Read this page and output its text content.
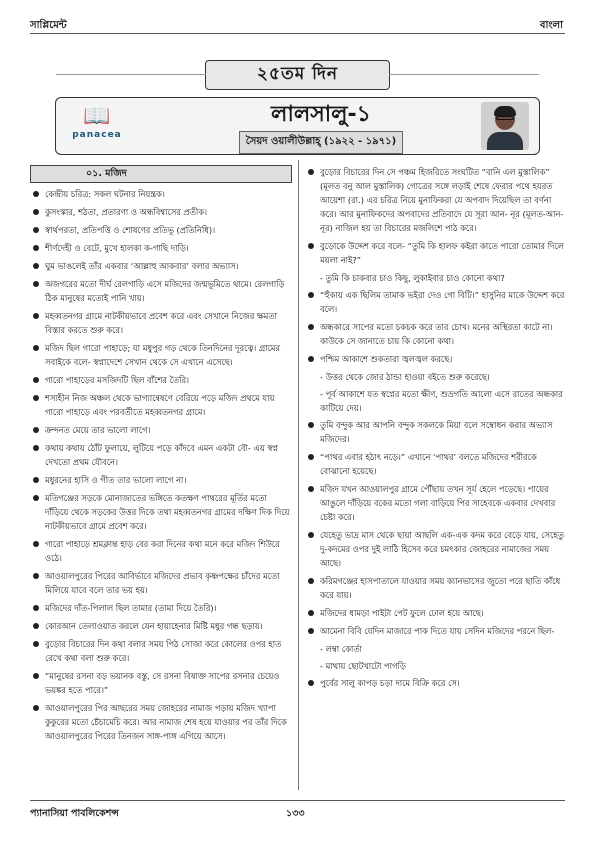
সাপ্লিমেন্ট	বাংলা
২৫তম দিন
📖
panacea
লালসালু-১
সৈয়দ ওয়ালীউল্লাহ্ (১৯২২ - ১৯৭১)
০১. মজিদ
কেন্দ্রীয় চরিত্র: সকল ঘটনার নিয়ন্ত্রক।
কুসংস্কার, শঠতা, প্রতারণা ও অন্ধবিশ্বাসের প্রতীক।
স্বার্থপরতা, প্রতিপত্তি ও শোষণের প্রতিভূ (প্রতিনিধি)।
শীর্ণদেহী ও বেটে, মুখে হালকা ক-গাছি দাড়ি।
ঘুম ভাঙলেই তাঁর একবার ‘আল্লাহু আকবার’ বলার অভ্যাস।
অজগরের মতো দীর্ঘ রেলগাড়ি এসে মজিদের জন্মভূমিতে থামে। রেলগাড়ি ঠিক মানুষের মতোই পানি খায়।
মহব্বতনগর গ্রামে নাটকীয়ভাবে প্রবেশ করে এবং সেখানে নিজের ক্ষমতা বিস্তার করতে শুরু করে।
মজিদ ছিল গারো পাহাড়ে; যা মধুপুর গড় থেকে তিনদিনের দূরত্বে। গ্রামের সবাইকে বলে- স্বপ্নাদেশে সেখান থেকে সে এখানে এসেছে।
গারো পাহাড়ের মসজিদটি ছিল বাঁশের তৈরি।
শস্যহীন নিজ অঞ্চল থেকে ভাগ্যান্বেষণে বেরিয়ে পড়ে মজিদ প্রথমে যায় গারো পাহাড়ে এবং পরবর্তীতে মহব্বতনগর গ্রামে।
ক্রন্দনত মেয়ে তার ভালো লাগে।
কথায় কথায় ঠোঁট ফুলায়ে, লুটিয়ে পড়ে কাঁদবে এমন একটা বৌ- এয় স্বপ্ন দেখতো প্রথম যৌবনে।
মধুরনের হাসি ও গীত তার ভালো লাগে না।
মতিগঞ্জের সড়কে মোনাজাতের ভঙ্গিতে কতক্ষণ পাথরের মূর্তির মতো দাঁড়িয়ে থেকে সড়কের উত্তর দিকে তথা মহব্বতনগর গ্রামের দক্ষিণ দিক দিয়ে নাটকীয়ভাবে গ্রামে প্রবেশ করে।
গারো পাহাড়ে শ্রমক্লান্ত হাড় বের করা দিনের কথা মনে করে মজিদ শিউরে ওঠে।
আওয়ালপুরের পিরের আবির্ভাবে মজিদের প্রভাব কৃষ্ণপক্ষের চাঁদের মতো মিলিয়ে যাবে বলে তার ভয় হয়।
মজিদের দাঁত-পিলাল ছিল তামার (তামা দিয়ে তৈরি)।
কোরআন তেলাওয়াত করলে যেন হায়াহেনার মিষ্টি মধুর গন্ধ ছড়ায়।
বুড়োর বিচারের দিন কথা বলার সময় পিঠ সোজা করে কোলের ওপর হাত রেখে কথা বলা শুরু করে।
“মানুষের রসনা বড় ভয়ানক বস্তু, সে রসনা বিষাক্ত সাপের রসনার চেয়েও ভয়ঙ্কর হতে পারে।”
আওয়ালপুরের পির আছরের সময় জোহরের নামাজ পড়ায় মজিদ খ্যাপা কুকুরের মতো চেঁচামেচি করে। আর নামাজ শেষ হয়ে যাওয়ার পর তাঁর দিকে আওয়ালপুরের পিরের তিনজন সাঙ্গ-পাঙ্গ এগিয়ে আসে।
বুড়োর বিচারের দিন সে পঞ্চম হিজরিতে সংঘটিত “বানি এল মুস্তালিক” (মূলত বনু আল মুস্তালিক) গোত্রের সঙ্গে লড়াই শেষে ফেরার পথে হযরত আয়েশা (রা.) এর চরিত্র নিয়ে মুনাফিকরা যে অপবাদ দিয়েছিল তা বর্ণনা করে। আর মুনাফিকদের অপবাদের প্রতিবাদে যে সূরা আন- নূর (মূলত-আন-নূর) নাজিল হয় তা বিচারের মজলিশে পাঠ করে।
বুড়োকে উদ্দেশ করে বলে- “তুমি কি হালফ কইরা কাতে পারো তোমার দিলে ময়লা নাই?”
- তুমি কি চাকবার চাও কিছু, লুকাইবার চাও কোনো কথা?
“হুঁকায় এক ছিলিম তামাক ভইরা দেও গো বিটি।” হাসুনির মাকে উদ্দেশ করে বলে।
অন্ধকারে সাপের মতো চকচক করে তার চোখ। মনের অস্থিরতা কাটে না। কাউকে সে জানাতে চায় কি কোনো কথা।
পশ্চিম আকাশে শুকতারা জ্বলজ্বল করছে।
- উত্তর থেকে জোর ঠান্ডা হাওয়া বইতে শুরু করেছে।
- পূর্ব আকাশে যত স্বপ্নের মতো ক্ষীণ, শুভ্রগতি আলো এসে রাতের অন্ধকার কাটিয়ে দেয়।
তুমি বন্দুক আর আপনি বন্দুক সকলকে মিয়া বলে সম্বোধন করার অভ্যাস মজিদের।
“পাথর এবার হঠাৎ নড়ে।” এখানে ‘পাথর’ বলতে মজিদের শরীরকে বোঝানো হয়েছে।
মজিদ যখন আওয়ালপুর গ্রামে পৌঁছায় তখন সূর্য হেলে পড়েছে। পায়ের আঙুলে দাঁড়িয়ে বকের মতো গলা বাড়িয়ে পির সাহেবকে একবার দেখবার চেষ্টা করে।
যেহেতু ভাদ্র মাস থেকে ছায়া আছলি এক-এক কদম করে বেড়ে যায়, সেহেতু দু-কদমের ওপর দুই লাঠি হিসেব করে চমৎকার জোহরের নামাজের সময় আছে।
করিমগঞ্জের হাসপাতালে যাওয়ার সময় ক্যানভাসের জুতো পরে ছাতি কাঁধে করে যায়।
মজিদের ধামড়া পাইটা পেট ফুলে ঢোল হয়ে আছে।
আমেনা বিবি যেদিন মাজারে পাক দিতে যায় সেদিন মজিদের পরনে ছিল-
- লম্বা কোর্তা
- মাথায় ছোটখাটো পাগড়ি
পুর্বের সালু কাপড় চড়া দামে বিক্রি করে সে।
প্যানাসিয়া পাবলিকেশন্স	১৩৩
